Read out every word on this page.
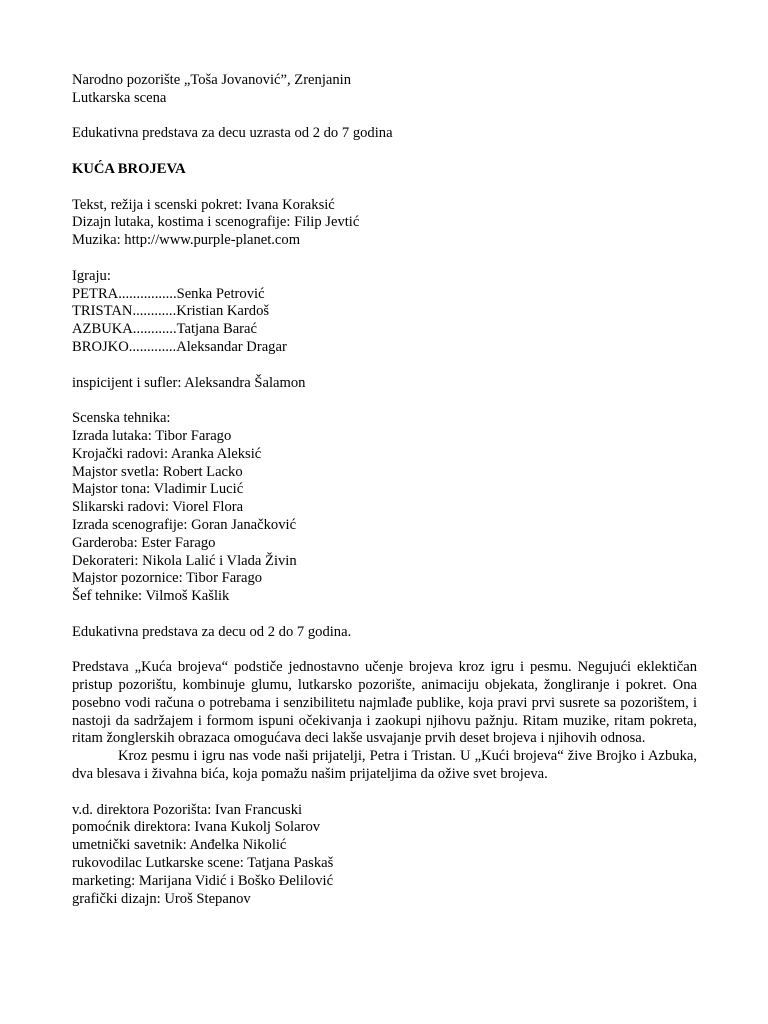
Narodno pozorište „Toša Jovanović”, Zrenjanin
Lutkarska scena
Edukativna predstava za decu uzrasta od 2 do 7 godina
KUĆA BROJEVA
Tekst, režija i scenski pokret: Ivana Koraksić
Dizajn lutaka, kostima i scenografije: Filip Jevtić
Muzika: http://www.purple-planet.com
Igraju:
PETRA................Senka Petrović
TRISTAN............Kristian Kardoš
AZBUKA............Tatjana Barać
BROJKO.............Aleksandar Dragar
inspicijent i sufler: Aleksandra Šalamon
Scenska tehnika:
Izrada lutaka: Tibor Farago
Krojački radovi: Aranka Aleksić
Majstor svetla: Robert Lacko
Majstor tona: Vladimir Lucić
Slikarski radovi: Viorel Flora
Izrada scenografije: Goran Janačković
Garderoba: Ester Farago
Dekorateri: Nikola Lalić i Vlada Živin
Majstor pozornice: Tibor Farago
Šef tehnike: Vilmoš Kašlik
Edukativna predstava za decu od 2 do 7 godina.

Predstava „Kuća brojeva“ podstiče jednostavno učenje brojeva kroz igru i pesmu. Negujući eklektičan pristup pozorištu, kombinuje glumu, lutkarsko pozorište, animaciju objekata, žongliranje i pokret. Ona posebno vodi računa o potrebama i senzibilitetu najmlađe publike, koja pravi prvi susrete sa pozorištem, i nastoji da sadržajem i formom ispuni očekivanja i zaokupi njihovu pažnju. Ritam muzike, ritam pokreta, ritam žonglerskih obrazaca omogućava deci lakše usvajanje prvih deset brojeva i njihovih odnosa.

Kroz pesmu i igru nas vode naši prijatelji, Petra i Tristan. U „Kući brojeva“ žive Brojko i Azbuka, dva blesava i živahna bića, koja pomažu našim prijateljima da ožive svet brojeva.

v.d. direktora Pozorišta: Ivan Francuski
pomoćnik direktora: Ivana Kukolj Solarov
umetnički savetnik: Anđelka Nikolić
rukovodilac Lutkarske scene: Tatjana Paskaš
marketing: Marijana Vidić i Boško Đelilović
grafički dizajn: Uroš Stepanov
